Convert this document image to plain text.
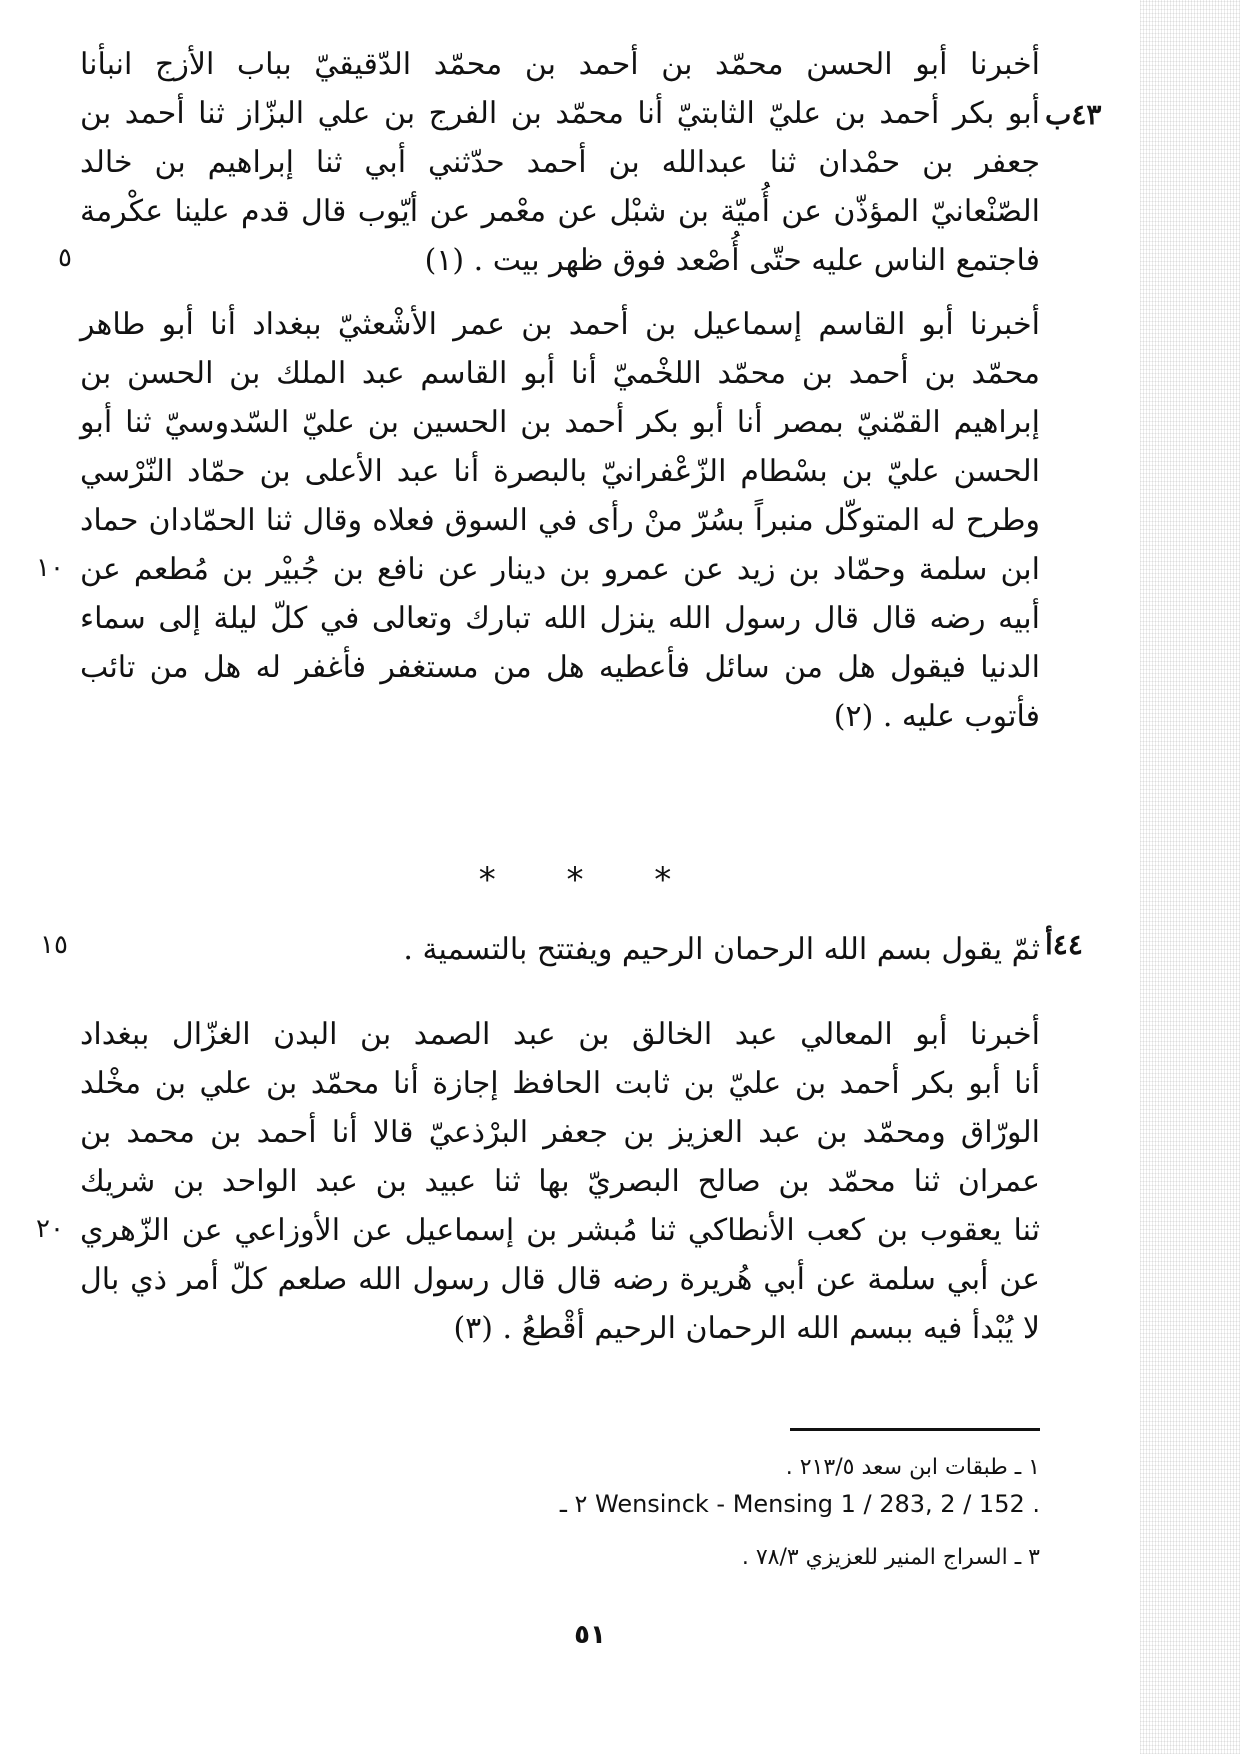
أخبرنا أبو الحسن محمّد بن أحمد بن محمّد الدّقيقيّ بباب الأزج انبأنا
أبو بكر أحمد بن عليّ الثابتيّ أنا محمّد بن الفرج بن علي البزّاز ثنا أحمد بن
جعفر بن حمْدان ثنا عبدالله بن أحمد حدّثني أبي ثنا إبراهيم بن خالد
الصّنْعانيّ المؤذّن عن أُميّة بن شبْل عن معْمر عن أيّوب قال قدم علينا عكْرمة
فاجتمع الناس عليه حتّى أُصْعد فوق ظهر بيت . (١)
٤٣ب
٥
أخبرنا أبو القاسم إسماعيل بن أحمد بن عمر الأشْعثيّ ببغداد أنا أبو طاهر
محمّد بن أحمد بن محمّد اللخْميّ أنا أبو القاسم عبد الملك بن الحسن بن
إبراهيم القمّنيّ بمصر أنا أبو بكر أحمد بن الحسين بن عليّ السّدوسيّ ثنا أبو
الحسن عليّ بن بسْطام الزّعْفرانيّ بالبصرة أنا عبد الأعلى بن حمّاد النّرْسي
وطرح له المتوكّل منبراً بسُرّ منْ رأى في السوق فعلاه وقال ثنا الحمّادان حماد
ابن سلمة وحمّاد بن زيد عن عمرو بن دينار عن نافع بن جُبيْر بن مُطعم عن
أبيه رضه قال قال رسول الله ينزل الله تبارك وتعالى في كلّ ليلة إلى سماء
الدنيا فيقول هل من سائل فأعطيه هل من مستغفر فأغفر له هل من تائب
فأتوب عليه . (٢)
١٠
* * *
ثمّ يقول بسم الله الرحمان الرحيم ويفتتح بالتسمية . ٤٤أ
١٥
أخبرنا أبو المعالي عبد الخالق بن عبد الصمد بن البدن الغزّال ببغداد
أنا أبو بكر أحمد بن عليّ بن ثابت الحافظ إجازة أنا محمّد بن علي بن مخْلد
الورّاق ومحمّد بن عبد العزيز بن جعفر البرْذعيّ قالا أنا أحمد بن محمد بن
عمران ثنا محمّد بن صالح البصريّ بها ثنا عبيد بن عبد الواحد بن شريك
ثنا يعقوب بن كعب الأنطاكي ثنا مُبشر بن إسماعيل عن الأوزاعي عن الزّهري
عن أبي سلمة عن أبي هُريرة رضه قال قال رسول الله صلعم كلّ أمر ذي بال
لا يُبْدأ فيه ببسم الله الرحمان الرحيم أقْطعُ . (٣)
٢٠
١ ـ طبقات ابن سعد ٢١٣/٥ .
٢ ـ Wensinck - Mensing 1 / 283, 2 / 152 .
٣ ـ السراج المنير للعزيزي ٧٨/٣ .
٥١
